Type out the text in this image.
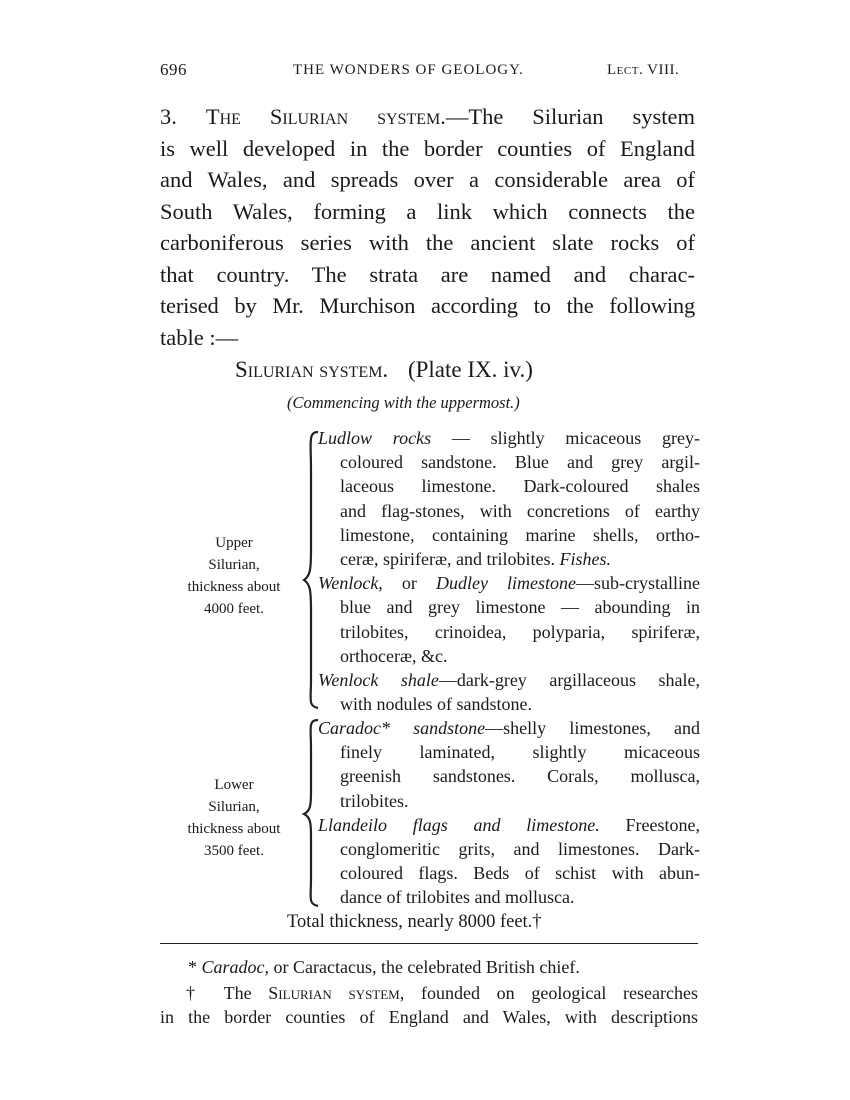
696	THE WONDERS OF GEOLOGY.	Lect. VIII.
3. The Silurian system.—The Silurian system
is well developed in the border counties of England
and Wales, and spreads over a considerable area of
South Wales, forming a link which connects the
carboniferous series with the ancient slate rocks of
that country. The strata are named and charac-
terised by Mr. Murchison according to the following
table :—
Silurian system. (Plate IX. iv.)
(Commencing with the uppermost.)
Upper
Silurian,
thickness about
4000 feet.
Ludlow rocks — slightly micaceous grey-
coloured sandstone. Blue and grey argil-
laceous limestone. Dark-coloured shales
and flag-stones, with concretions of earthy
limestone, containing marine shells, ortho-
ceræ, spiriferæ, and trilobites. Fishes.
Wenlock, or Dudley limestone—sub-crystalline
blue and grey limestone — abounding in
trilobites, crinoidea, polyparia, spiriferæ,
orthoceræ, &c.
Wenlock shale—dark-grey argillaceous shale,
with nodules of sandstone.
Lower
Silurian,
thickness about
3500 feet.
Caradoc* sandstone—shelly limestones, and
finely laminated, slightly micaceous
greenish sandstones. Corals, mollusca,
trilobites.
Llandeilo flags and limestone. Freestone,
conglomeritic grits, and limestones. Dark-
coloured flags. Beds of schist with abun-
dance of trilobites and mollusca.
Total thickness, nearly 8000 feet.†
* Caradoc, or Caractacus, the celebrated British chief.
† The Silurian system, founded on geological researches
in the border counties of England and Wales, with descriptions
